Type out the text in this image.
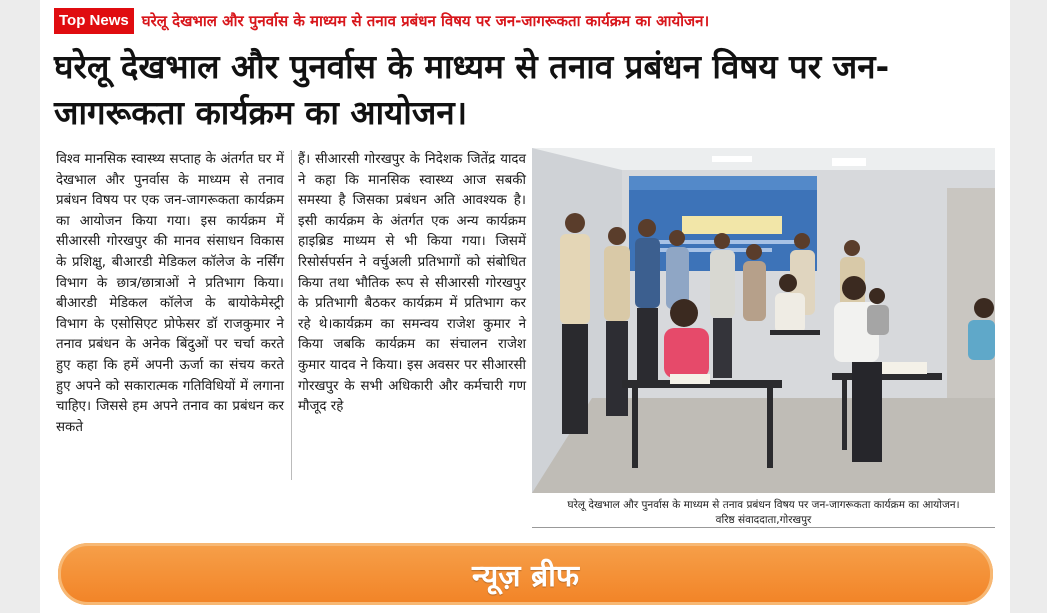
Top News घरेलू देखभाल और पुनर्वास के माध्यम से तनाव प्रबंधन विषय पर जन-जागरूकता कार्यक्रम का आयोजन।
घरेलू देखभाल और पुनर्वास के माध्यम से तनाव प्रबंधन विषय पर जन-जागरूकता कार्यक्रम का आयोजन।

विश्व मानसिक स्वास्थ्य सप्ताह के अंतर्गत घर में देखभाल और पुनर्वास के माध्यम से तनाव प्रबंधन विषय पर एक जन-जागरूकता कार्यक्रम का आयोजन किया गया। इस कार्यक्रम में सीआरसी गोरखपुर की मानव संसाधन विकास के प्रशिक्षु, बीआरडी मेडिकल कॉलेज के नर्सिंग विभाग के छात्र/छात्राओं ने प्रतिभाग किया। बीआरडी मेडिकल कॉलेज के बायोकेमेस्ट्री विभाग के एसोसिएट प्रोफेसर डॉ राजकुमार ने तनाव प्रबंधन के अनेक बिंदुओं पर चर्चा करते हुए कहा कि हमें अपनी ऊर्जा का संचय करते हुए अपने को सकारात्मक गतिविधियों में लगाना चाहिए। जिससे हम अपने तनाव का प्रबंधन कर सकते

हैं। सीआरसी गोरखपुर के निदेशक जितेंद्र यादव ने कहा कि मानसिक स्वास्थ्य आज सबकी समस्या है जिसका प्रबंधन अति आवश्यक है। इसी कार्यक्रम के अंतर्गत एक अन्य कार्यक्रम हाइब्रिड माध्यम से भी किया गया। जिसमें रिसोर्सपर्सन ने वर्चुअली प्रतिभागों को संबोधित किया तथा भौतिक रूप से सीआरसी गोरखपुर के प्रतिभागी बैठकर कार्यक्रम में प्रतिभाग कर रहे थे।कार्यक्रम का समन्वय राजेश कुमार ने किया जबकि कार्यक्रम का संचालन राजेश कुमार यादव ने किया। इस अवसर पर सीआरसी गोरखपुर के सभी अधिकारी और कर्मचारी गण मौजूद रहे

घरेलू देखभाल और पुनर्वास के माध्यम से तनाव प्रबंधन विषय पर जन-जागरूकता कार्यक्रम का आयोजन।
वरिष्ठ संवाददाता,गोरखपुर

न्यूज़ ब्रीफ
